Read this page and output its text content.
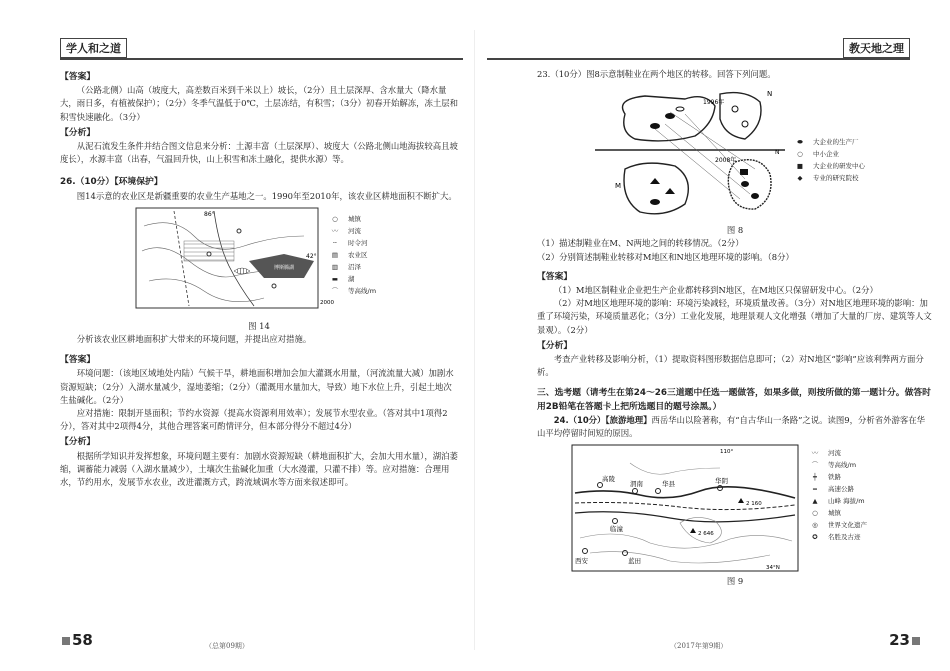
学人和之道

【答案】

（公路北侧）山高（坡度大，高差数百米到千米以上）坡长，（2分）且土层深厚、含水量大（降水量大，雨日多，有植被保护）；（2分）冬季气温低于0℃，土层冻结，有积雪；（3分）初春开始解冻，冻土层和积雪快速融化。（3分）

【分析】

从泥石流发生条件并结合图文信息来分析：土源丰富（土层深厚）、坡度大（公路北侧山地海拔较高且坡度长），水源丰富（出春，气温回升快，山上积雪和冻土融化，提供水源）等。

26.（10分）【环境保护】

图14示意的农业区是新疆重要的农业生产基地之一。1990年至2010年，该农业区耕地面积不断扩大。

86°
42°
博斯腾湖
2000
○	城镇
〰	河流
╌	时令河
▤	农业区
▥	沼泽
▬	湖
⌒	等高线/m

图 14

分析该农业区耕地面积扩大带来的环境问题，并提出应对措施。

【答案】

环境问题：（该地区域地处内陆）气候干旱，耕地面积增加会加大灌溉水用量，（河流流量大减）加剧水资源短缺；（2分）入湖水量减少，湿地萎缩；（2分）（灌溉用水量加大，导致）地下水位上升，引起土地次生盐碱化。（2分）

应对措施：限制开垦面积；节约水资源（提高水资源利用效率）；发展节水型农业。（答对其中1项得2分），答对其中2项得4分，其他合理答案可酌情评分，但本部分得分不超过4分）

【分析】

根据所学知识并发挥想象，环境问题主要有：加剧水资源短缺（耕地面积扩大，会加大用水量），湖泊萎缩，调蓄能力减弱（入湖水量减少），土壤次生盐碱化加重（大水漫灌，只灌不排）等。应对措施：合理用水，节约用水，发展节水农业，改进灌溉方式，跨流域调水等方面来叙述即可。

58	（总第09期）
教天地之理

23.（10分）图8示意制鞋业在两个地区的转移。回答下列问题。

1996年
2008年
N
M
N
⬬	大企业的生产厂
○	中小企业
■	大企业的研发中心
◆	专业的研究院校

图 8

（1）描述制鞋业在M、N两地之间的转移情况。（2分）

（2）分别简述制鞋业转移对M地区和N地区地理环境的影响。（8分）

【答案】

（1）M地区制鞋业企业把生产企业都转移到N地区，在M地区只保留研发中心。（2分）

（2）对M地区地理环境的影响：环境污染减轻，环境质量改善。（3分）对N地区地理环境的影响：加重了环境污染，环境质量恶化；（3分）工业化发展，地理景观人文化增强（增加了大量的厂房、建筑等人文景观）。（2分）

【分析】

考查产业转移及影响分析，（1）提取资料图形数据信息即可；（2）对N地区“影响”应该利弊两方面分析。

三、选考题（请考生在第24～26三道题中任选一题做答，如果多做，则按所做的第一题计分。做答时用2B铅笔在答题卡上把所选题目的题号涂黑。）

24.（10分）【旅游地理】西岳华山以险著称，有“自古华山一条路”之说。读图9，分析省外游客在华山平均停留时间短的原因。

高陵
渭南	华县	华阴
临潼
西安	蓝田
2 646
2 160
34°N
110°	〰	河流
⌒	等高线/m
┿	铁路
═	高速公路
▲	山峰 海拔/m
○	城镇
◎	世界文化遗产
✪	名胜及古迹

图 9

23
（2017年第9期）
